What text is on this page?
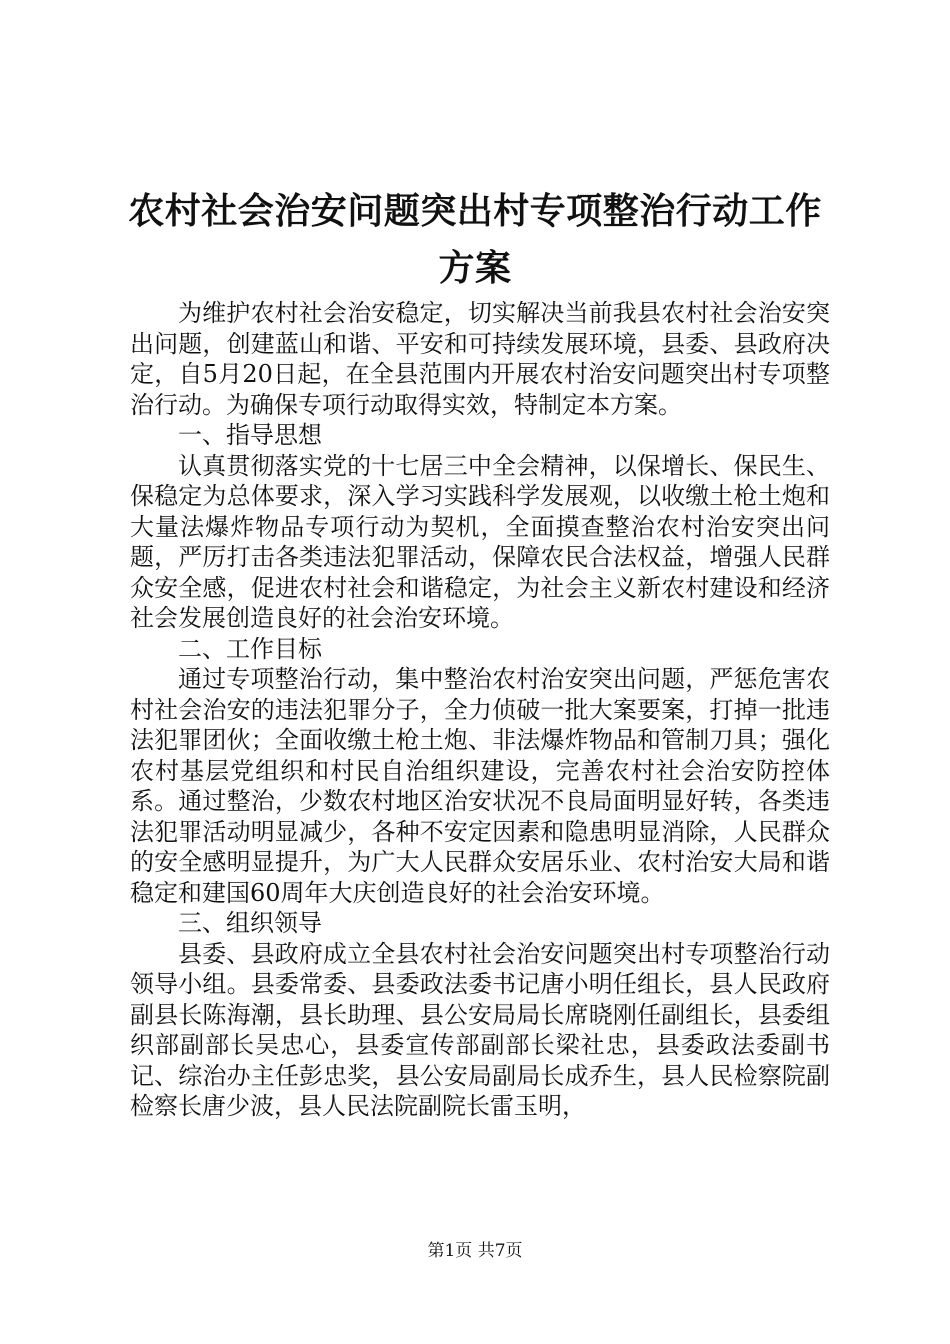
农村社会治安问题突出村专项整治行动工作方案

为维护农村社会治安稳定，切实解决当前我县农村社会治安突出问题，创建蓝山和谐、平安和可持续发展环境，县委、县政府决定，自5月20日起，在全县范围内开展农村治安问题突出村专项整治行动。为确保专项行动取得实效，特制定本方案。

一、指导思想

认真贯彻落实党的十七居三中全会精神，以保增长、保民生、保稳定为总体要求，深入学习实践科学发展观，以收缴土枪土炮和大量法爆炸物品专项行动为契机，全面摸查整治农村治安突出问题，严厉打击各类违法犯罪活动，保障农民合法权益，增强人民群众安全感，促进农村社会和谐稳定，为社会主义新农村建设和经济社会发展创造良好的社会治安环境。

二、工作目标

通过专项整治行动，集中整治农村治安突出问题，严惩危害农村社会治安的违法犯罪分子，全力侦破一批大案要案，打掉一批违法犯罪团伙；全面收缴土枪土炮、非法爆炸物品和管制刀具；强化农村基层党组织和村民自治组织建设，完善农村社会治安防控体系。通过整治，少数农村地区治安状况不良局面明显好转，各类违法犯罪活动明显减少，各种不安定因素和隐患明显消除，人民群众的安全感明显提升，为广大人民群众安居乐业、农村治安大局和谐稳定和建国60周年大庆创造良好的社会治安环境。

三、组织领导

县委、县政府成立全县农村社会治安问题突出村专项整治行动领导小组。县委常委、县委政法委书记唐小明任组长，县人民政府副县长陈海潮，县长助理、县公安局局长席晓刚任副组长，县委组织部副部长吴忠心，县委宣传部副部长梁社忠，县委政法委副书记、综治办主任彭忠奖，县公安局副局长成乔生，县人民检察院副检察长唐少波，县人民法院副院长雷玉明，

第1页 共7页
